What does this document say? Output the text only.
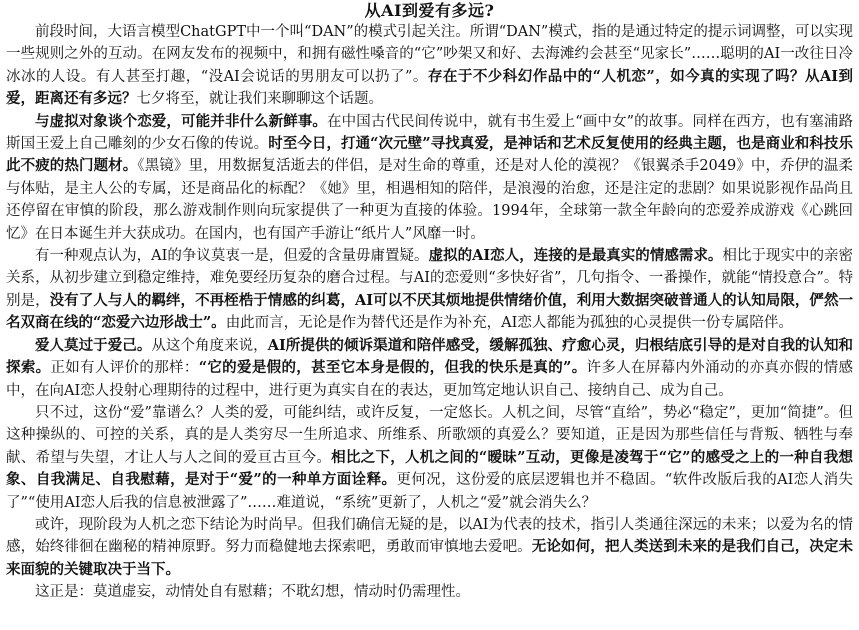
从AI到爱有多远?

前段时间，大语言模型ChatGPT中一个叫“DAN”的模式引起关注。所谓“DAN”模式，指的是通过特定的提示词调整，可以实现一些规则之外的互动。在网友发布的视频中，和拥有磁性嗓音的“它”吵架又和好、去海滩约会甚至“见家长”……聪明的AI一改往日冷冰冰的人设。有人甚至打趣，“没AI会说话的男朋友可以扔了”。存在于不少科幻作品中的“人机恋”，如今真的实现了吗？从AI到爱，距离还有多远？七夕将至，就让我们来聊聊这个话题。

与虚拟对象谈个恋爱，可能并非什么新鲜事。在中国古代民间传说中，就有书生爱上“画中女”的故事。同样在西方，也有塞浦路斯国王爱上自己雕刻的少女石像的传说。时至今日，打通“次元壁”寻找真爱，是神话和艺术反复使用的经典主题，也是商业和科技乐此不疲的热门题材。《黑镜》里，用数据复活逝去的伴侣，是对生命的尊重，还是对人伦的漠视？《银翼杀手2049》中，乔伊的温柔与体贴，是主人公的专属，还是商品化的标配？《她》里，相遇相知的陪伴，是浪漫的治愈，还是注定的悲剧？如果说影视作品尚且还停留在审慎的阶段，那么游戏制作则向玩家提供了一种更为直接的体验。1994年，全球第一款全年龄向的恋爱养成游戏《心跳回忆》在日本诞生并大获成功。在国内，也有国产手游让“纸片人”风靡一时。

有一种观点认为，AI的争议莫衷一是，但爱的含量毋庸置疑。虚拟的AI恋人，连接的是最真实的情感需求。相比于现实中的亲密关系，从初步建立到稳定维持，难免要经历复杂的磨合过程。与AI的恋爱则“多快好省”，几句指令、一番操作，就能“情投意合”。特别是，没有了人与人的羁绊，不再桎梏于情感的纠葛，AI可以不厌其烦地提供情绪价值，利用大数据突破普通人的认知局限，俨然一名双商在线的“恋爱六边形战士”。由此而言，无论是作为替代还是作为补充，AI恋人都能为孤独的心灵提供一份专属陪伴。

爱人莫过于爱己。从这个角度来说，AI所提供的倾诉渠道和陪伴感受，缓解孤独、疗愈心灵，归根结底引导的是对自我的认知和探索。正如有人评价的那样：“它的爱是假的，甚至它本身是假的，但我的快乐是真的”。许多人在屏幕内外涌动的亦真亦假的情感中，在向AI恋人投射心理期待的过程中，进行更为真实自在的表达，更加笃定地认识自己、接纳自己、成为自己。

只不过，这份“爱”靠谱么？人类的爱，可能纠结，或许反复，一定悠长。人机之间，尽管“直给”，势必“稳定”，更加“简捷”。但这种操纵的、可控的关系，真的是人类穷尽一生所追求、所维系、所歌颂的真爱么？要知道，正是因为那些信任与背叛、牺牲与奉献、希望与失望，才让人与人之间的爱亘古亘今。相比之下，人机之间的“暧昧”互动，更像是凌驾于“它”的感受之上的一种自我想象、自我满足、自我慰藉，是对于“爱”的一种单方面诠释。更何况，这份爱的底层逻辑也并不稳固。“软件改版后我的AI恋人消失了”“使用AI恋人后我的信息被泄露了”……难道说，“系统”更新了，人机之“爱”就会消失么？

或许，现阶段为人机之恋下结论为时尚早。但我们确信无疑的是，以AI为代表的技术，指引人类通往深远的未来；以爱为名的情感，始终徘徊在幽秘的精神原野。努力而稳健地去探索吧，勇敢而审慎地去爱吧。无论如何，把人类送到未来的是我们自己，决定未来面貌的关键取决于当下。

这正是：莫道虚妄，动情处自有慰藉；不耽幻想，情动时仍需理性。
